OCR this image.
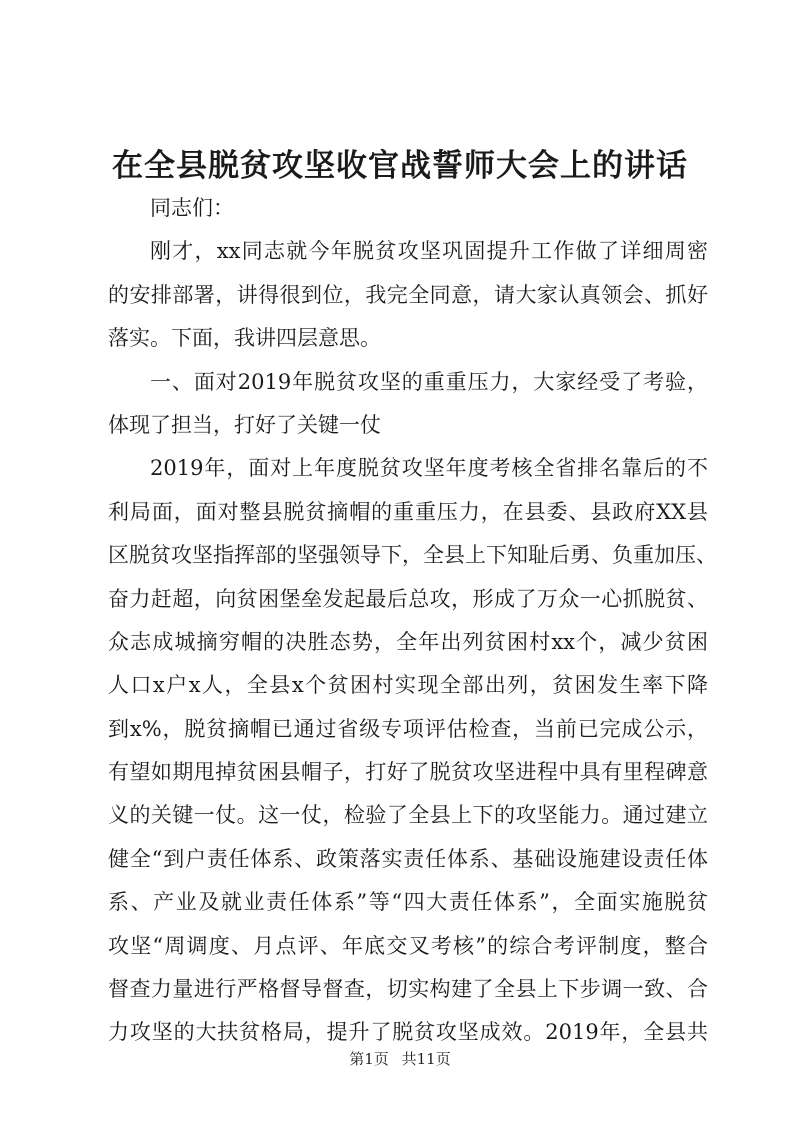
在全县脱贫攻坚收官战誓师大会上的讲话
同志们：
刚才，xx同志就今年脱贫攻坚巩固提升工作做了详细周密
的安排部署，讲得很到位，我完全同意，请大家认真领会、抓好
落实。下面，我讲四层意思。
一、面对2019年脱贫攻坚的重重压力，大家经受了考验，
体现了担当，打好了关键一仗
2019年，面对上年度脱贫攻坚年度考核全省排名靠后的不
利局面，面对整县脱贫摘帽的重重压力，在县委、县政府XX县
区脱贫攻坚指挥部的坚强领导下，全县上下知耻后勇、负重加压、
奋力赶超，向贫困堡垒发起最后总攻，形成了万众一心抓脱贫、
众志成城摘穷帽的决胜态势，全年出列贫困村xx个，减少贫困
人口x户x人，全县x个贫困村实现全部出列，贫困发生率下降
到x%，脱贫摘帽已通过省级专项评估检查，当前已完成公示，
有望如期甩掉贫困县帽子，打好了脱贫攻坚进程中具有里程碑意
义的关键一仗。这一仗，检验了全县上下的攻坚能力。通过建立
健全“到户责任体系、政策落实责任体系、基础设施建设责任体
系、产业及就业责任体系”等“四大责任体系”，全面实施脱贫
攻坚“周调度、月点评、年底交叉考核”的综合考评制度，整合
督查力量进行严格督导督查，切实构建了全县上下步调一致、合
力攻坚的大扶贫格局，提升了脱贫攻坚成效。2019年，全县共
第1页 共11页
